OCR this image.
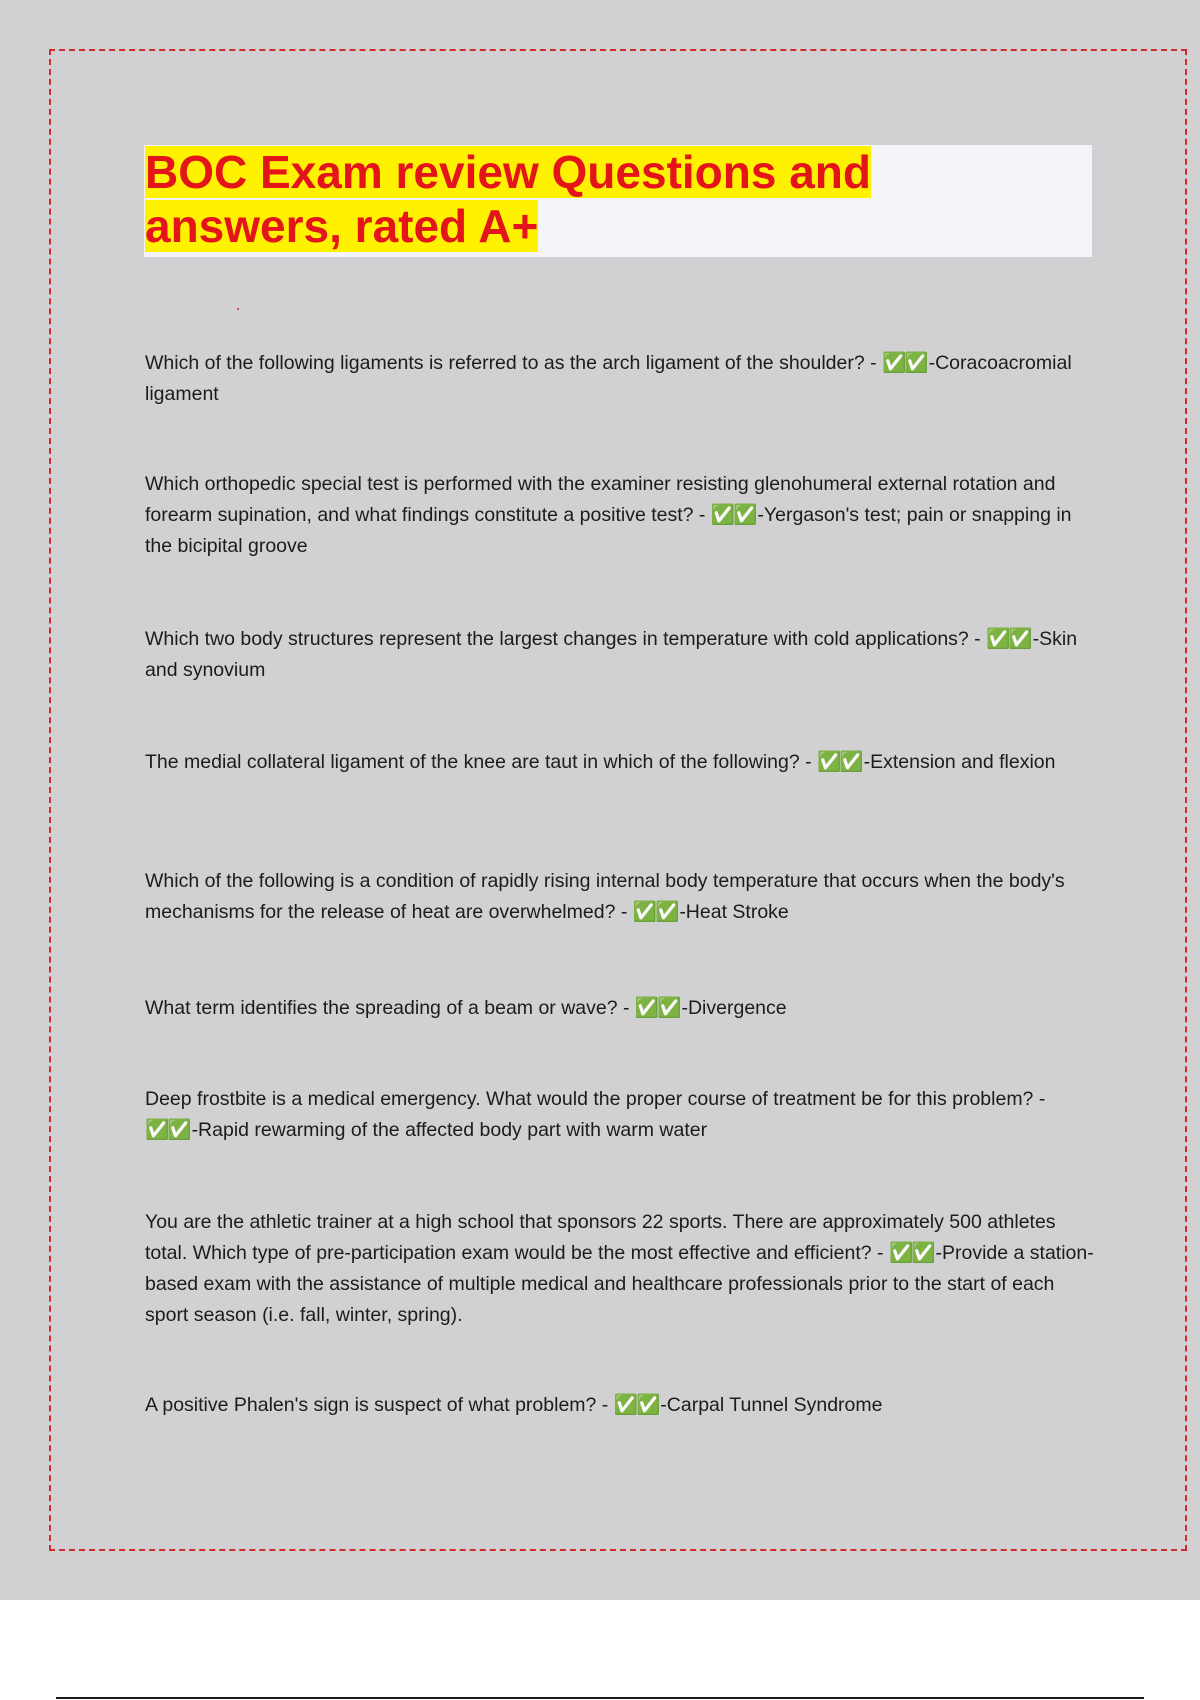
BOC Exam review Questions and answers, rated A+

Which of the following ligaments is referred to as the arch ligament of the shoulder? - ✅✅ -Coracoacromial ligament

Which orthopedic special test is performed with the examiner resisting glenohumeral external rotation and forearm supination, and what findings constitute a positive test? - ✅✅ -Yergason's test; pain or snapping in the bicipital groove

Which two body structures represent the largest changes in temperature with cold applications? - ✅✅ -Skin and synovium

The medial collateral ligament of the knee are taut in which of the following? - ✅✅ -Extension and flexion

Which of the following is a condition of rapidly rising internal body temperature that occurs when the body's mechanisms for the release of heat are overwhelmed? - ✅✅ -Heat Stroke

What term identifies the spreading of a beam or wave? - ✅✅ -Divergence

Deep frostbite is a medical emergency. What would the proper course of treatment be for this problem? - ✅✅ -Rapid rewarming of the affected body part with warm water

You are the athletic trainer at a high school that sponsors 22 sports. There are approximately 500 athletes total. Which type of pre-participation exam would be the most effective and efficient? - ✅✅ -Provide a station-based exam with the assistance of multiple medical and healthcare professionals prior to the start of each sport season (i.e. fall, winter, spring).

A positive Phalen's sign is suspect of what problem? - ✅✅ -Carpal Tunnel Syndrome
